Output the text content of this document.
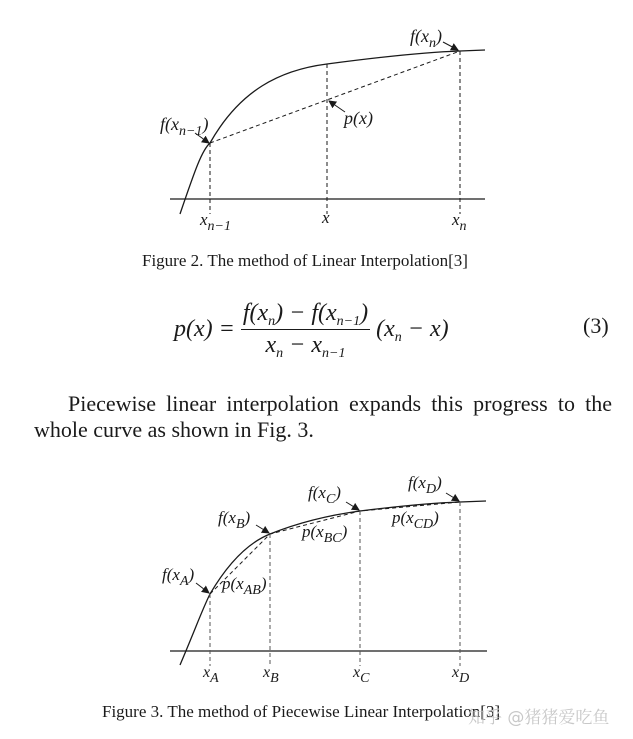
$f(x_{n-1})$
$f(x_n)$
p(x)
$x_{n-1}$	x	$x_n$
Figure 2. The method of Linear Interpolation[3]
$p(x) = \frac{f(x_n) - f(x_{n-1})}{x_n - x_{n-1}} (x_n - x)$	(3)
Piecewise linear interpolation expands this progress to the
whole curve as shown in Fig. 3.
$f(x_A)$
$f(x_B)$
$f(x_C)$
$f(x_D)$
$p(x_{AB})$
$p(x_{BC})$
$p(x_{CD})$
$x_A$	$x_B$	$x_C$	$x_D$
Figure 3. The method of Piecewise Linear Interpolation[3]
知乎 @猪猪爱吃鱼
